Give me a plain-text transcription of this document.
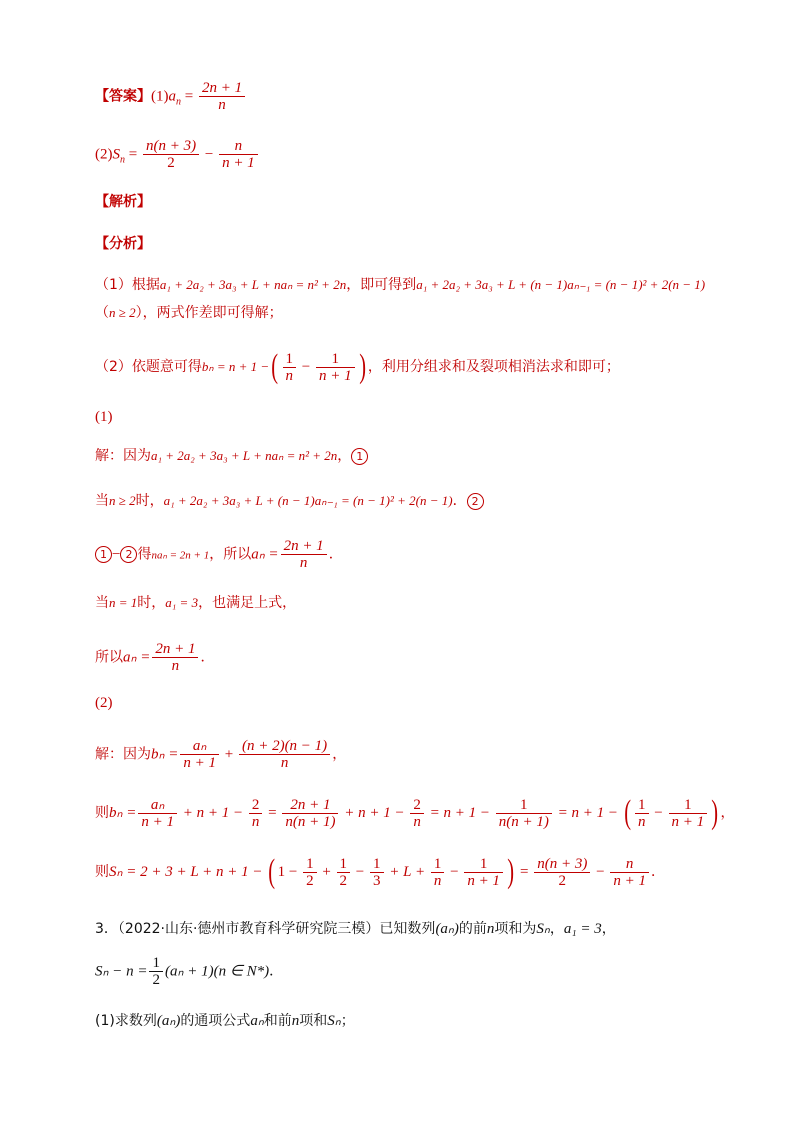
【答案】$(1)a_n = \frac{2n + 1}{n}$
$(2)S_n = \frac{n(n + 3)}{2} - \frac{n}{n + 1}$
【解析】
【分析】
（1）根据a₁ + 2a₂ + 3a₃ + L + naₙ = n² + 2n，即可得到a₁ + 2a₂ + 3a₃ + L + (n − 1)aₙ₋₁ = (n − 1)² + 2(n − 1)
（n ≥ 2），两式作差即可得解；
（2）依题意可得bₙ = n + 1 −( $\frac{1}{n} - \frac{1}{n + 1}$ ) ，利用分组求和及裂项相消法求和即可；
(1)
解：因为a₁ + 2a₂ + 3a₃ + L + naₙ = n² + 2n， 1
当n ≥ 2时，a₁ + 2a₂ + 3a₃ + L + (n − 1)aₙ₋₁ = (n − 1)² + 2(n − 1)． 2
1 − 2 得naₙ = 2n + 1，所以$a_n = \frac{2n + 1}{n}$ ．
当n = 1时，a₁ = 3，也满足上式，
所以$a_n = \frac{2n + 1}{n}$ ．
(2)
解：因为$b_n = \frac{\text{aₙ}}{n + 1} + \frac{(n + 2)(n - 1)}{n}$ ，
则$b_n = \frac{\text{aₙ}}{n + 1} + n + 1 - \frac{2}{n} = \frac{2n + 1}{n(n + 1)} + n + 1 - \frac{2}{n} = n + 1 - \frac{1}{n(n + 1)} = n + 1$ − ( $\frac{1}{n} - \frac{1}{n + 1}$ ) ，
则Sₙ = 2 + 3 + L + n + 1 − ( $1 - \frac{1}{2} + \frac{1}{2} - \frac{1}{3} + L + \frac{1}{n} - \frac{1}{n + 1}$ ) = $\frac{n(n + 3)}{2} - \frac{n}{n + 1}$ ．
3．（2022·山东·德州市教育科学研究院三模）已知数列(aₙ)的前n项和为Sₙ，a₁ = 3，
$S_n - n = \frac{1}{2} (a_n + 1)(n$ ∈ N*)．
(1)求数列(aₙ)的通项公式aₙ和前n项和Sₙ；
